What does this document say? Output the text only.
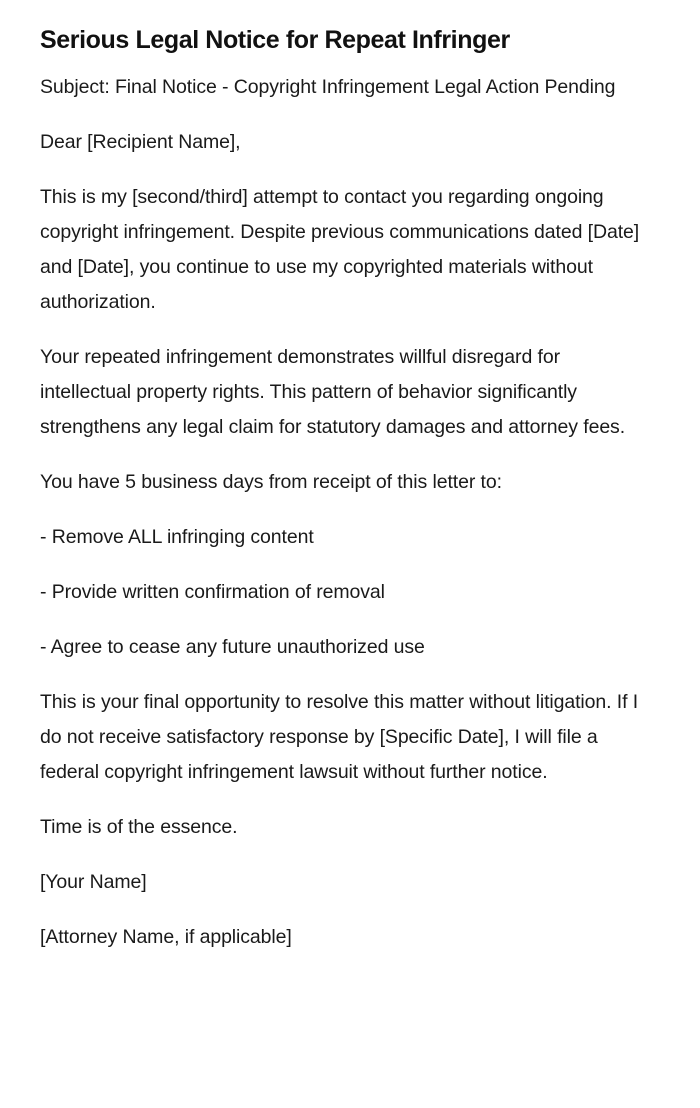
Serious Legal Notice for Repeat Infringer

Subject: Final Notice - Copyright Infringement Legal Action Pending

Dear [Recipient Name],

This is my [second/third] attempt to contact you regarding ongoing copyright infringement. Despite previous communications dated [Date] and [Date], you continue to use my copyrighted materials without authorization.

Your repeated infringement demonstrates willful disregard for intellectual property rights. This pattern of behavior significantly strengthens any legal claim for statutory damages and attorney fees.

You have 5 business days from receipt of this letter to:

- Remove ALL infringing content

- Provide written confirmation of removal

- Agree to cease any future unauthorized use

This is your final opportunity to resolve this matter without litigation. If I do not receive satisfactory response by [Specific Date], I will file a federal copyright infringement lawsuit without further notice.

Time is of the essence.

[Your Name]

[Attorney Name, if applicable]
